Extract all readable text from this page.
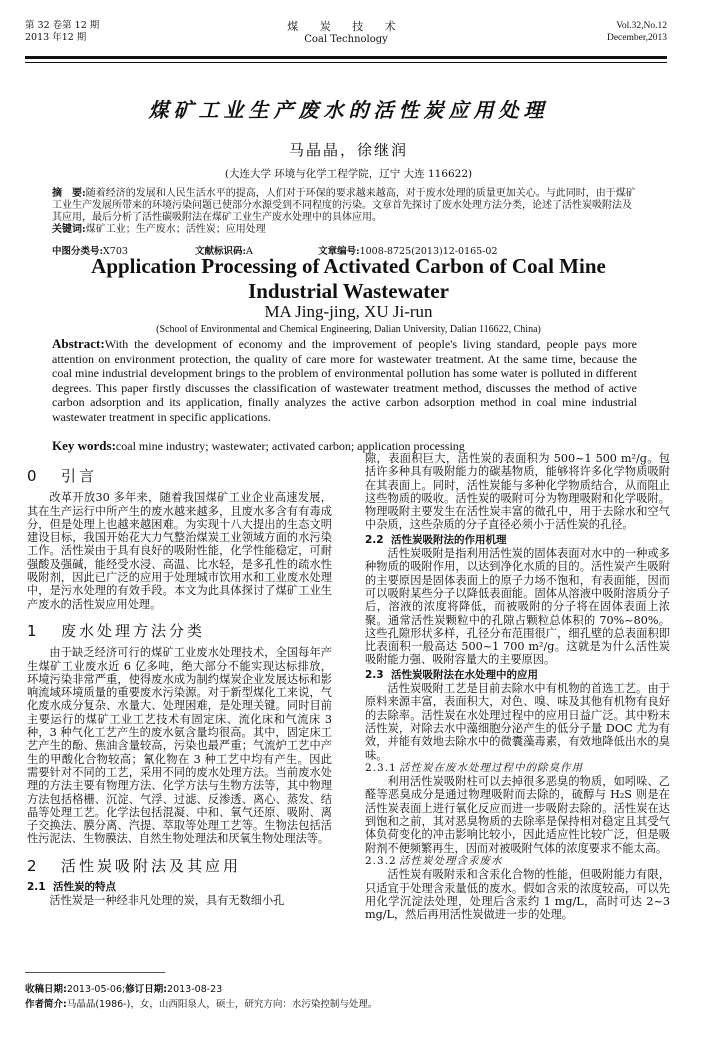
第 32 卷第 12 期
2013 年12 期
煤 炭 技 术
Coal Technology
Vol.32,No.12
December,2013
煤矿工业生产废水的活性炭应用处理
马晶晶，徐继润
(大连大学 环境与化学工程学院，辽宁 大连 116622)
摘　要:随着经济的发展和人民生活水平的提高，人们对于环保的要求越来越高，对于废水处理的质量更加关心。与此同时，由于煤矿工业生产发展所带来的环境污染问题已使部分水源受到不同程度的污染。文章首先探讨了废水处理方法分类，论述了活性炭吸附法及其应用，最后分析了活性碳吸附法在煤矿工业生产废水处理中的具体应用。
关键词:煤矿工业；生产废水；活性炭；应用处理
中图分类号:X703	文献标识码:A	文章编号:1008-8725(2013)12-0165-02
Application Processing of Activated Carbon of Coal Mine
Industrial Wastewater
MA Jing-jing, XU Ji-run
(School of Environmental and Chemical Engineering, Dalian University, Dalian 116622, China)
Abstract:With the development of economy and the improvement of people's living standard, people pays more attention on environment protection, the quality of care more for wastewater treatment. At the same time, because the coal mine industrial development brings to the problem of environmental pollution has some water is polluted in different degrees. This paper firstly discusses the classification of wastewater treatment method, discusses the method of active carbon adsorption and its application, finally analyzes the active carbon adsorption method in coal mine industrial wastewater treatment in specific applications.
Key words:coal mine industry; wastewater; activated carbon; application processing
0 引言

改革开放30 多年来，随着我国煤矿工业企业高速发展，其在生产运行中所产生的废水越来越多，且废水多含有有毒成分，但是处理上也越来越困难。为实现十八大提出的生态文明建设目标，我国开始花大力气整治煤炭工业领域方面的水污染工作。活性炭由于具有良好的吸附性能，化学性能稳定，可耐强酸及强碱，能经受水浸、高温、比水轻，是多孔性的疏水性吸附剂，因此已广泛的应用于处理城市饮用水和工业废水处理中，是污水处理的有效手段。本文为此具体探讨了煤矿工业生产废水的活性炭应用处理。

1 废水处理方法分类

由于缺乏经济可行的煤矿工业废水处理技术，全国每年产生煤矿工业废水近 6 亿多吨，绝大部分不能实现达标排放，环境污染非常严重，使得废水成为制约煤炭企业发展达标和影响流域环境质量的重要废水污染源。对于新型煤化工来说，气化废水成分复杂、水量大、处理困难，是处理关键。同时目前主要运行的煤矿工业工艺技术有固定床、流化床和气流床 3 种，3 种气化工艺产生的废水氨含量均很高。其中，固定床工艺产生的酚、焦油含量较高，污染也最严重；气流炉工艺中产生的甲酸化合物较高；氰化物在 3 种工艺中均有产生。因此需要针对不同的工艺，采用不同的废水处理方法。当前废水处理的方法主要有物理方法、化学方法与生物方法等，其中物理方法包括格栅、沉淀、气浮、过滤、反渗透、离心、蒸发、结晶等处理工艺。化学法包括混凝、中和、氧气还原、吸附、离子交换法、膜分离、汽提、萃取等处理工艺等。生物法包括活性污泥法、生物膜法、自然生物处理法和厌氧生物处理法等。

2 活性炭吸附法及其应用
2.1 活性炭的特点

活性炭是一种经非凡处理的炭，具有无数细小孔

隙，表面积巨大，活性炭的表面积为 500~1 500 m²/g。包括许多种具有吸附能力的碳基物质，能够将许多化学物质吸附在其表面上。同时，活性炭能与多种化学物质结合，从而阻止这些物质的吸收。活性炭的吸附可分为物理吸附和化学吸附。物理吸附主要发生在活性炭丰富的微孔中，用于去除水和空气中杂质，这些杂质的分子直径必须小于活性炭的孔径。

2.2 活性炭吸附法的作用机理

活性炭吸附是指利用活性炭的固体表面对水中的一种或多种物质的吸附作用，以达到净化水质的目的。活性炭产生吸附的主要原因是固体表面上的原子力场不饱和，有表面能，因而可以吸附某些分子以降低表面能。固体从溶液中吸附溶质分子后，溶液的浓度将降低，而被吸附的分子将在固体表面上浓聚。通常活性炭颗粒中的孔隙占颗粒总体积的 70%~80%。这些孔隙形状多样，孔径分布范围很广，细孔壁的总表面积即比表面积一般高达 500~1 700 m²/g。这就是为什么活性炭吸附能力强、吸附容量大的主要原因。

2.3 活性炭吸附法在水处理中的应用

活性炭吸附工艺是目前去除水中有机物的首选工艺。由于原料来源丰富，表面积大，对色、嗅、味及其他有机物有良好的去除率。活性炭在水处理过程中的应用日益广泛。其中粉末活性炭，对除去水中藻细胞分泌产生的低分子量 DOC 尤为有效，并能有效地去除水中的微囊藻毒素，有效地降低出水的臭味。

2.3.1 活性炭在废水处理过程中的除臭作用

利用活性炭吸附柱可以去掉很多恶臭的物质，如吲哚、乙醛等恶臭成分是通过物理吸附而去除的，硫醇与 H₂S 则是在活性炭表面上进行氧化反应而进一步吸附去除的。活性炭在达到饱和之前，其对恶臭物质的去除率是保持相对稳定且其受气体负荷变化的冲击影响比较小，因此适应性比较广泛，但是吸附剂不便频繁再生，因而对被吸附气体的浓度要求不能太高。

2.3.2 活性炭处理含汞废水

活性炭有吸附汞和含汞化合物的性能，但吸附能力有限，只适宜于处理含汞量低的废水。假如含汞的浓度较高，可以先用化学沉淀法处理，处理后含汞约 1 mg/L，高时可达 2~3 mg/L，然后再用活性炭做进一步的处理。

收稿日期:2013-05-06;修订日期:2013-08-23
作者简介:马晶晶(1986-)，女，山西阳泉人，硕士，研究方向：水污染控制与处理。
